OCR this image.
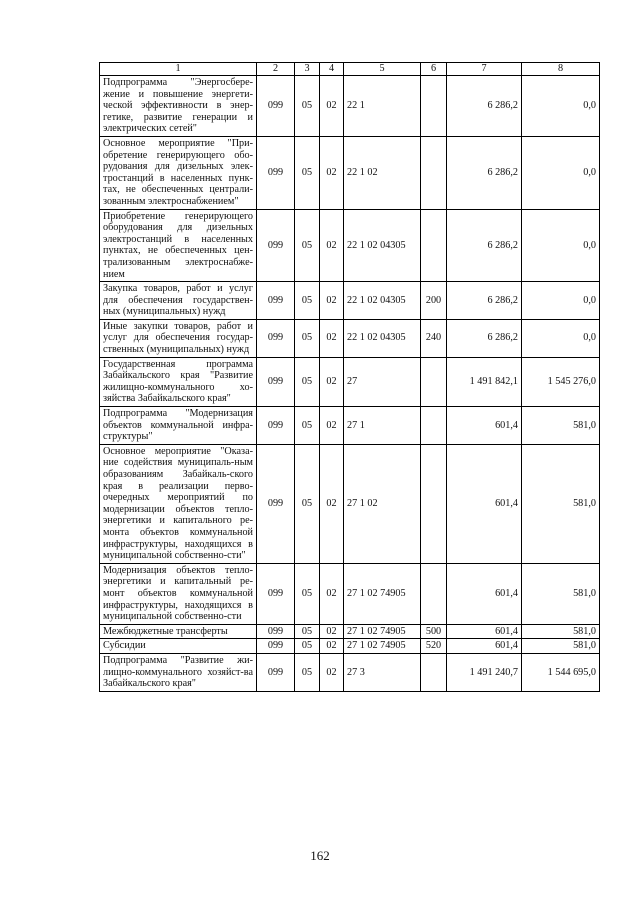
1	2	3	4	5	6	7	8
Подпрограмма "Энергосбере-жение и повышение энергети-ческой эффективности в энер-гетике, развитие генерации и электрических сетей"	099	05	02	22 1		6 286,2	0,0
Основное мероприятие "При-обретение генерирующего обо-рудования для дизельных элек-тростанций в населенных пунк-тах, не обеспеченных централи-зованным электроснабжением"	099	05	02	22 1 02		6 286,2	0,0
Приобретение генерирующего оборудования для дизельных электростанций в населенных пунктах, не обеспеченных цен-трализованным электроснабже-нием	099	05	02	22 1 02 04305		6 286,2	0,0
Закупка товаров, работ и услуг для обеспечения государствен-ных (муниципальных) нужд	099	05	02	22 1 02 04305	200	6 286,2	0,0
Иные закупки товаров, работ и услуг для обеспечения государ-ственных (муниципальных) нужд	099	05	02	22 1 02 04305	240	6 286,2	0,0
Государственная программа Забайкальского края "Развитие жилищно-коммунального хо-зяйства Забайкальского края"	099	05	02	27		1 491 842,1	1 545 276,0
Подпрограмма "Модернизация объектов коммунальной инфра-структуры"	099	05	02	27 1		601,4	581,0
Основное мероприятие "Оказа-ние содействия муниципаль-ным образованиям Забайкаль-ского края в реализации перво-очередных мероприятий по модернизации объектов тепло-энергетики и капитального ре-монта объектов коммунальной инфраструктуры, находящихся в муниципальной собственно-сти"	099	05	02	27 1 02		601,4	581,0
Модернизация объектов тепло-энергетики и капитальный ре-монт объектов коммунальной инфраструктуры, находящихся в муниципальной собственно-сти	099	05	02	27 1 02 74905		601,4	581,0
Межбюджетные трансферты	099	05	02	27 1 02 74905	500	601,4	581,0
Субсидии	099	05	02	27 1 02 74905	520	601,4	581,0
Подпрограмма "Развитие жи-лищно-коммунального хозяйст-ва Забайкальского края"	099	05	02	27 3		1 491 240,7	1 544 695,0
162
